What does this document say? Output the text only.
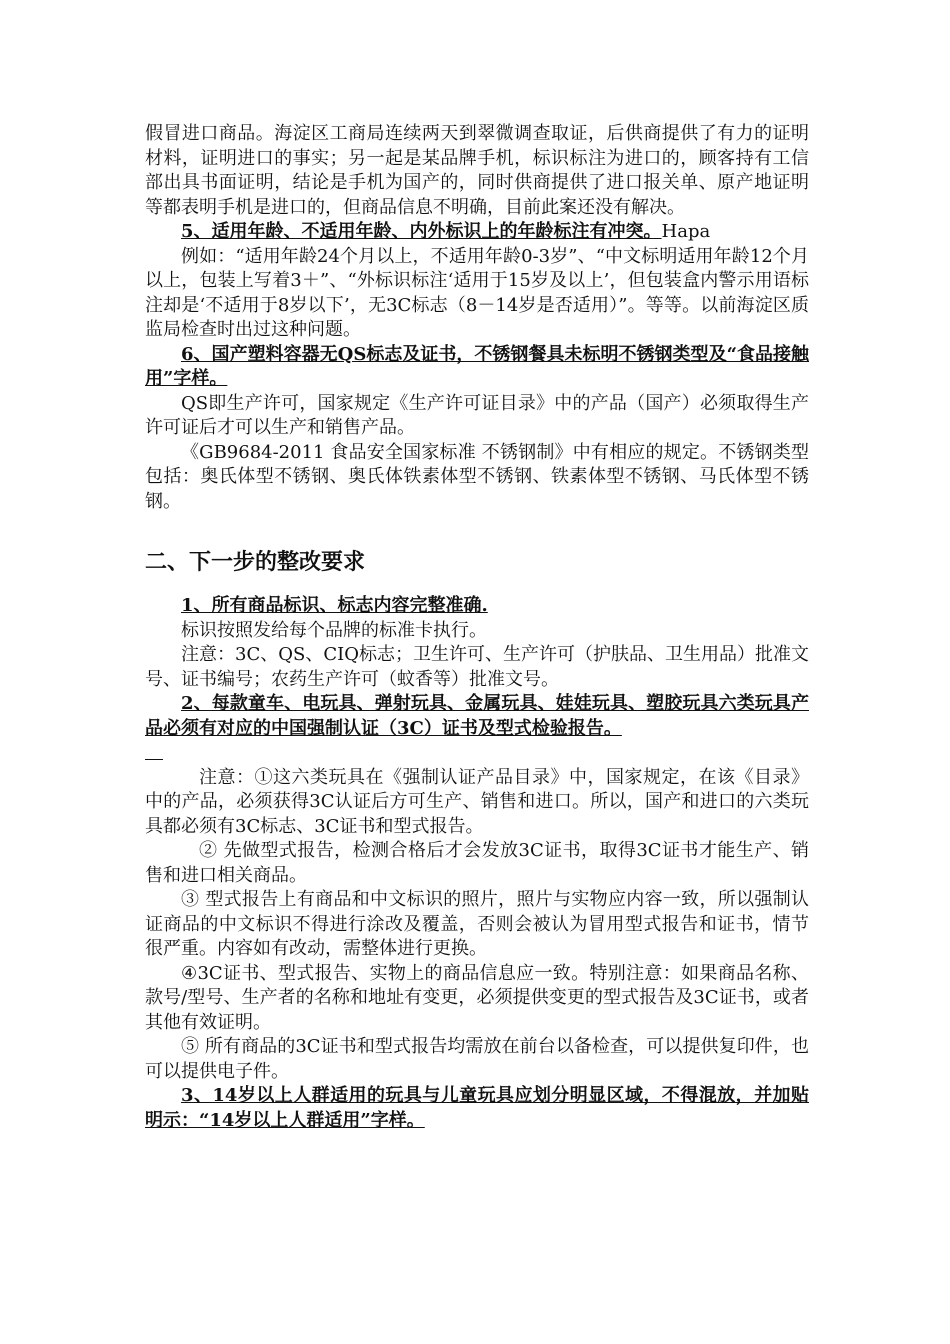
假冒进口商品。海淀区工商局连续两天到翠微调查取证，后供商提供了有力的证明材料，证明进口的事实；另一起是某品牌手机，标识标注为进口的，顾客持有工信部出具书面证明，结论是手机为国产的，同时供商提供了进口报关单、原产地证明等都表明手机是进口的，但商品信息不明确，目前此案还没有解决。

5、适用年龄、不适用年龄、内外标识上的年龄标注有冲突。Hapa

例如：“适用年龄24个月以上，不适用年龄0-3岁”、“中文标明适用年龄12个月以上，包装上写着3＋”、“外标识标注‘适用于15岁及以上’，但包装盒内警示用语标注却是‘不适用于8岁以下’，无3C标志（8－14岁是否适用）”。等等。以前海淀区质监局检查时出过这种问题。

6、国产塑料容器无QS标志及证书，不锈钢餐具未标明不锈钢类型及“食品接触用”字样。

QS即生产许可，国家规定《生产许可证目录》中的产品（国产）必须取得生产许可证后才可以生产和销售产品。

《GB9684-2011 食品安全国家标准 不锈钢制》中有相应的规定。不锈钢类型包括：奥氏体型不锈钢、奥氏体铁素体型不锈钢、铁素体型不锈钢、马氏体型不锈钢。

二、下一步的整改要求

1、所有商品标识、标志内容完整准确.

标识按照发给每个品牌的标准卡执行。

注意：3C、QS、CIQ标志；卫生许可、生产许可（护肤品、卫生用品）批准文号、证书编号；农药生产许可（蚊香等）批准文号。

2、每款童车、电玩具、弹射玩具、金属玩具、娃娃玩具、塑胶玩具六类玩具产品必须有对应的中国强制认证（3C）证书及型式检验报告。

注意：①这六类玩具在《强制认证产品目录》中，国家规定，在该《目录》中的产品，必须获得3C认证后方可生产、销售和进口。所以，国产和进口的六类玩具都必须有3C标志、3C证书和型式报告。

② 先做型式报告，检测合格后才会发放3C证书，取得3C证书才能生产、销售和进口相关商品。

③ 型式报告上有商品和中文标识的照片，照片与实物应内容一致，所以强制认证商品的中文标识不得进行涂改及覆盖，否则会被认为冒用型式报告和证书，情节很严重。内容如有改动，需整体进行更换。

④3C证书、型式报告、实物上的商品信息应一致。特别注意：如果商品名称、款号/型号、生产者的名称和地址有变更，必须提供变更的型式报告及3C证书，或者其他有效证明。

⑤ 所有商品的3C证书和型式报告均需放在前台以备检查，可以提供复印件，也可以提供电子件。

3、14岁以上人群适用的玩具与儿童玩具应划分明显区域，不得混放，并加贴明示：“14岁以上人群适用”字样。
